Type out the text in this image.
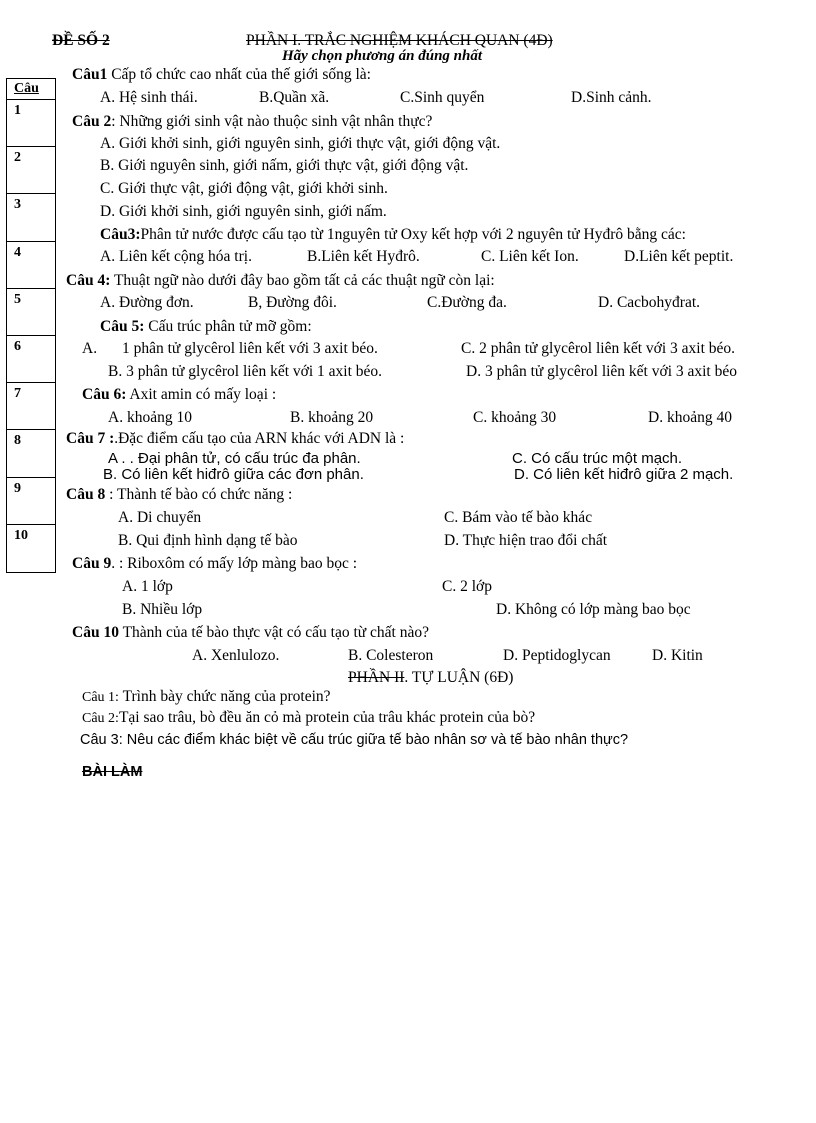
ĐỀ SỐ 2	PHẦN I. TRẮC NGHIỆM KHÁCH QUAN (4Đ)
Hãy chọn phương án đúng nhất
Câu
1
2
3
4
5
6
7
8
9
10
Câu1 Cấp tổ chức cao nhất của thế giới sống là:
A. Hệ sinh thái.	B.Quần xã.	C.Sinh quyển	D.Sinh cảnh.
Câu 2: Những giới sinh vật nào thuộc sinh vật nhân thực?
A. Giới khởi sinh, giới nguyên sinh, giới thực vật, giới động vật.
B. Giới nguyên sinh, giới nấm, giới thực vật, giới động vật.
C. Giới thực vật, giới động vật, giới khởi sinh.
D. Giới khởi sinh, giới nguyên sinh, giới nấm.
Câu3:Phân tử nước được cấu tạo từ 1nguyên tử Oxy kết hợp với 2 nguyên tử Hyđrô bằng các:
A. Liên kết cộng hóa trị.	B.Liên kết Hyđrô.	C. Liên kết Ion.	D.Liên kết peptit.
Câu 4: Thuật ngữ nào dưới đây bao gồm tất cả các thuật ngữ còn lại:
A. Đường đơn.	B, Đường đôi.	C.Đường đa.	D. Cacbohyđrat.
Câu 5: Cấu trúc phân tử mỡ gồm:
A. 1 phân tử glycêrol liên kết với 3 axit béo.	C. 2 phân tử glycêrol liên kết với 3 axit béo.
B. 3 phân tử glycêrol liên kết với 1 axit béo.	D. 3 phân tử glycêrol liên kết với 3 axit béo
Câu 6: Axit amin có mấy loại :
A. khoảng 10	B. khoảng 20	C. khoảng 30	D. khoảng 40
Câu 7 :.Đặc điểm cấu tạo của ARN khác với ADN là :
A . . Đại phân tử, có cấu trúc đa phân.	C. Có cấu trúc một mạch.
B. Có liên kết hiđrô giữa các đơn phân.	D. Có liên kết hiđrô giữa 2 mạch.
Câu 8 : Thành tế bào có chức năng :
A. Di chuyển	C. Bám vào tế bào khác
B. Qui định hình dạng tế bào	D. Thực hiện trao đổi chất
Câu 9. : Riboxôm có mấy lớp màng bao bọc :
A. 1 lớp	C. 2 lớp
B. Nhiều lớp	D. Không có lớp màng bao bọc
Câu 10 Thành của tế bào thực vật có cấu tạo từ chất nào?
A. Xenlulozo.	B. Colesteron	D. Peptidoglycan	D. Kitin
PHẦN II. TỰ LUẬN (6Đ)
Câu 1: Trình bày chức năng của protein?
Câu 2:Tại sao trâu, bò đều ăn cỏ mà protein của trâu khác protein của bò?
Câu 3: Nêu các điểm khác biệt về cấu trúc giữa tế bào nhân sơ và tế bào nhân thực?
BÀI LÀM
